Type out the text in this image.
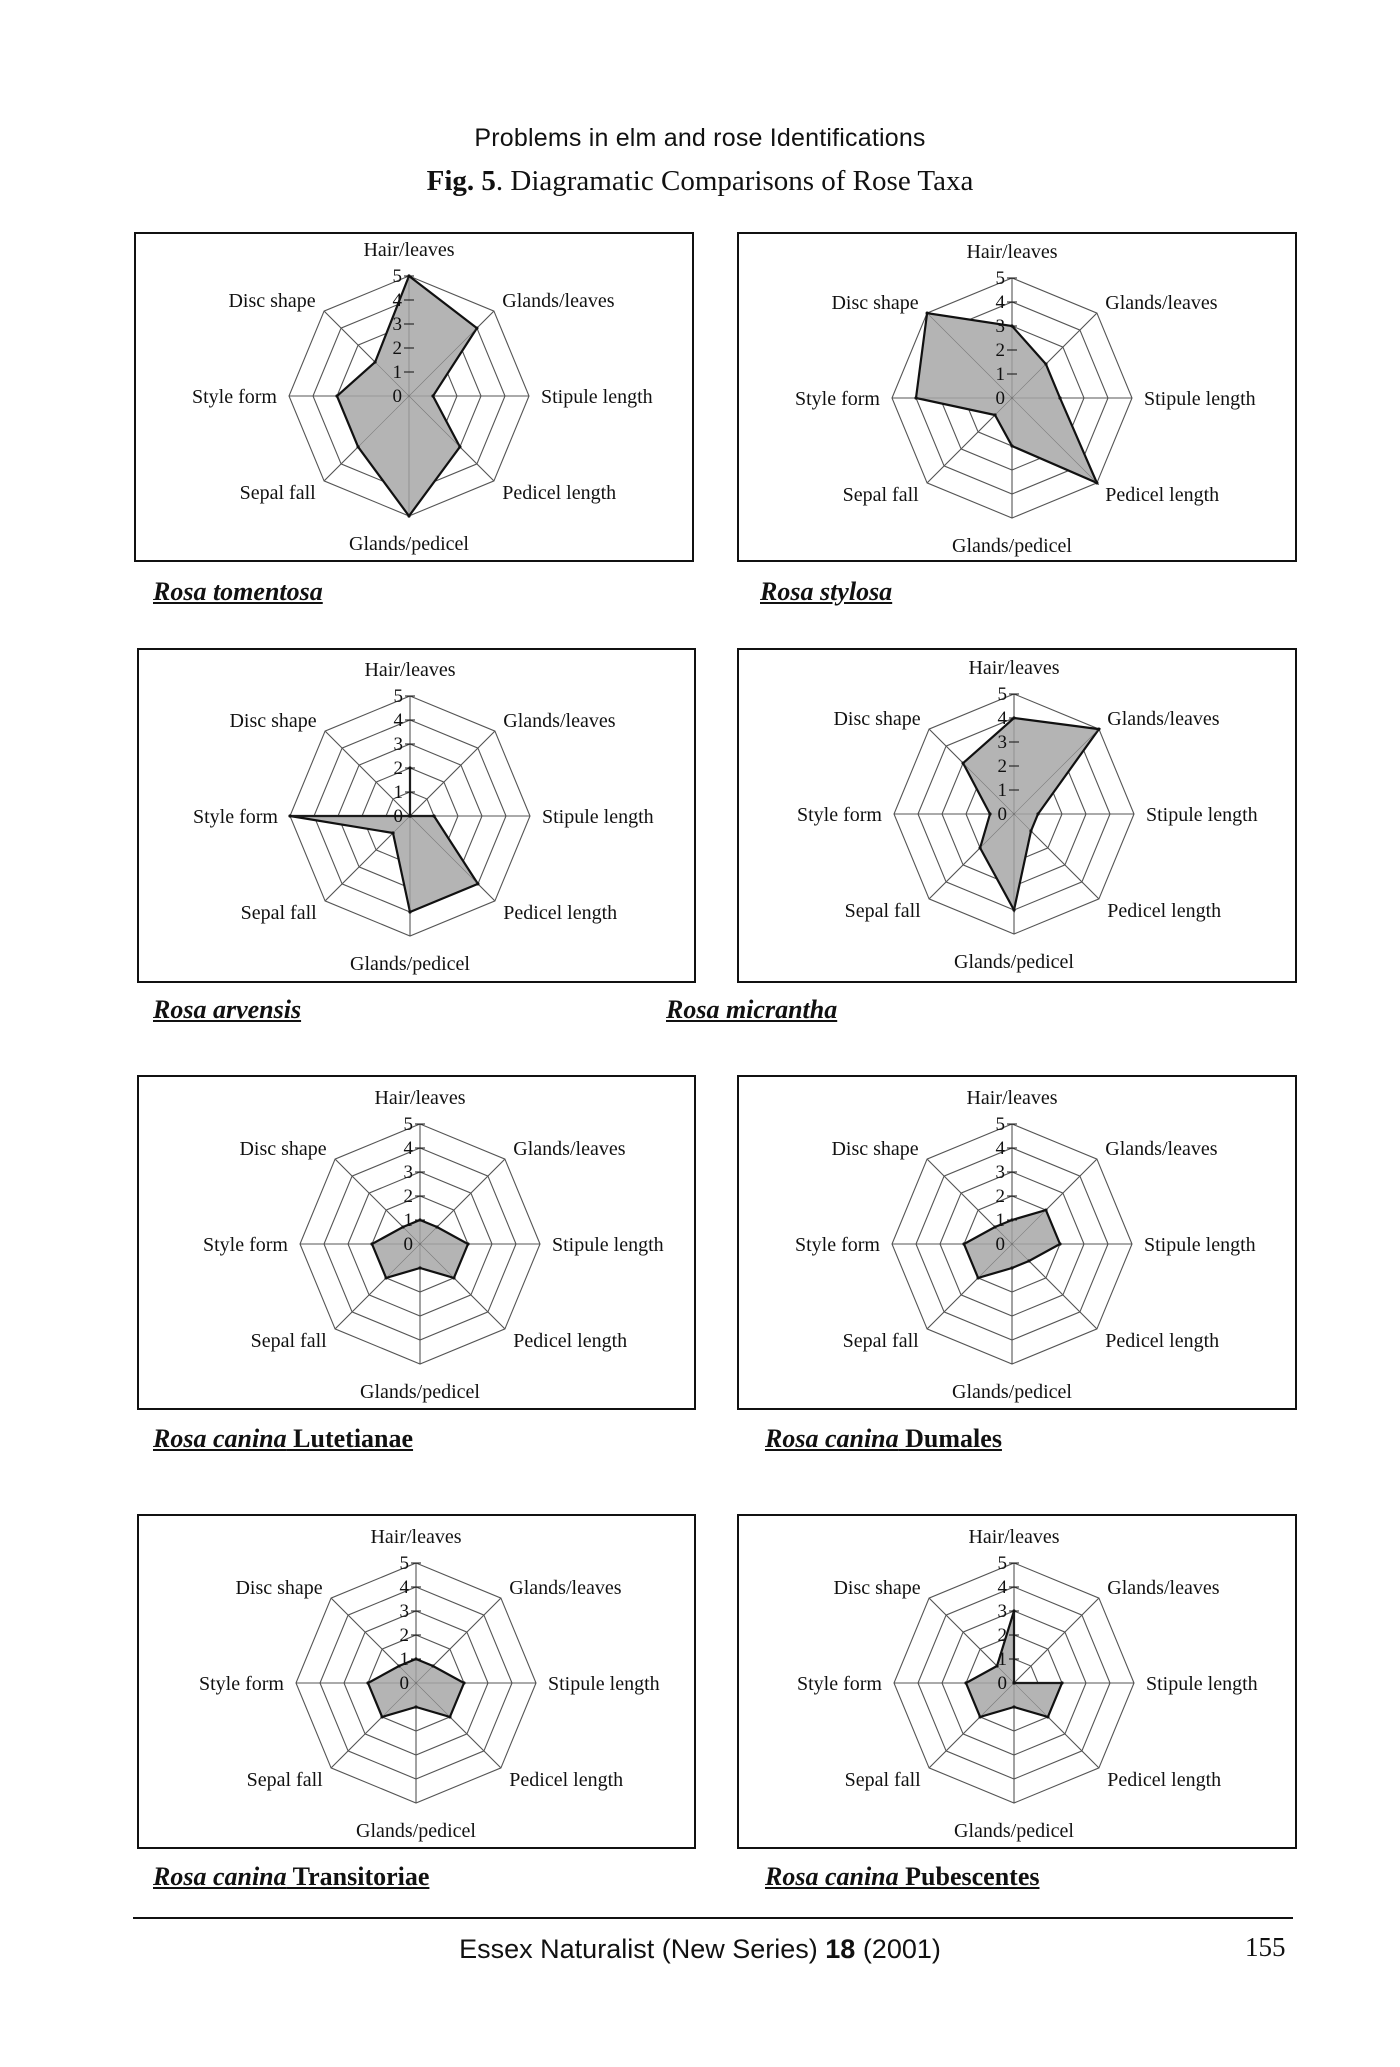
Problems in elm and rose Identifications
Fig. 5. Diagramatic Comparisons of Rose Taxa
0
1
2
3
4
5
Hair/leaves
Glands/leaves
Stipule length
Pedicel length
Glands/pedicel
Sepal fall
Style form
Disc shape
0
1
2
3
4
5
Hair/leaves
Glands/leaves
Stipule length
Pedicel length
Glands/pedicel
Sepal fall
Style form
Disc shape
0
1
2
3
4
5
Hair/leaves
Glands/leaves
Stipule length
Pedicel length
Glands/pedicel
Sepal fall
Style form
Disc shape
0
1
2
3
4
5
Hair/leaves
Glands/leaves
Stipule length
Pedicel length
Glands/pedicel
Sepal fall
Style form
Disc shape
0
1
2
3
4
5
Hair/leaves
Glands/leaves
Stipule length
Pedicel length
Glands/pedicel
Sepal fall
Style form
Disc shape
0
1
2
3
4
5
Hair/leaves
Glands/leaves
Stipule length
Pedicel length
Glands/pedicel
Sepal fall
Style form
Disc shape
0
1
2
3
4
5
Hair/leaves
Glands/leaves
Stipule length
Pedicel length
Glands/pedicel
Sepal fall
Style form
Disc shape
0
1
2
3
4
5
Hair/leaves
Glands/leaves
Stipule length
Pedicel length
Glands/pedicel
Sepal fall
Style form
Disc shape
Essex Naturalist (New Series) 18 (2001)	155
Rosa tomentosa	Rosa stylosa
Rosa arvensis	Rosa micrantha
Rosa canina Lutetianae	Rosa canina Dumales
Rosa canina Transitoriae	Rosa canina Pubescentes
